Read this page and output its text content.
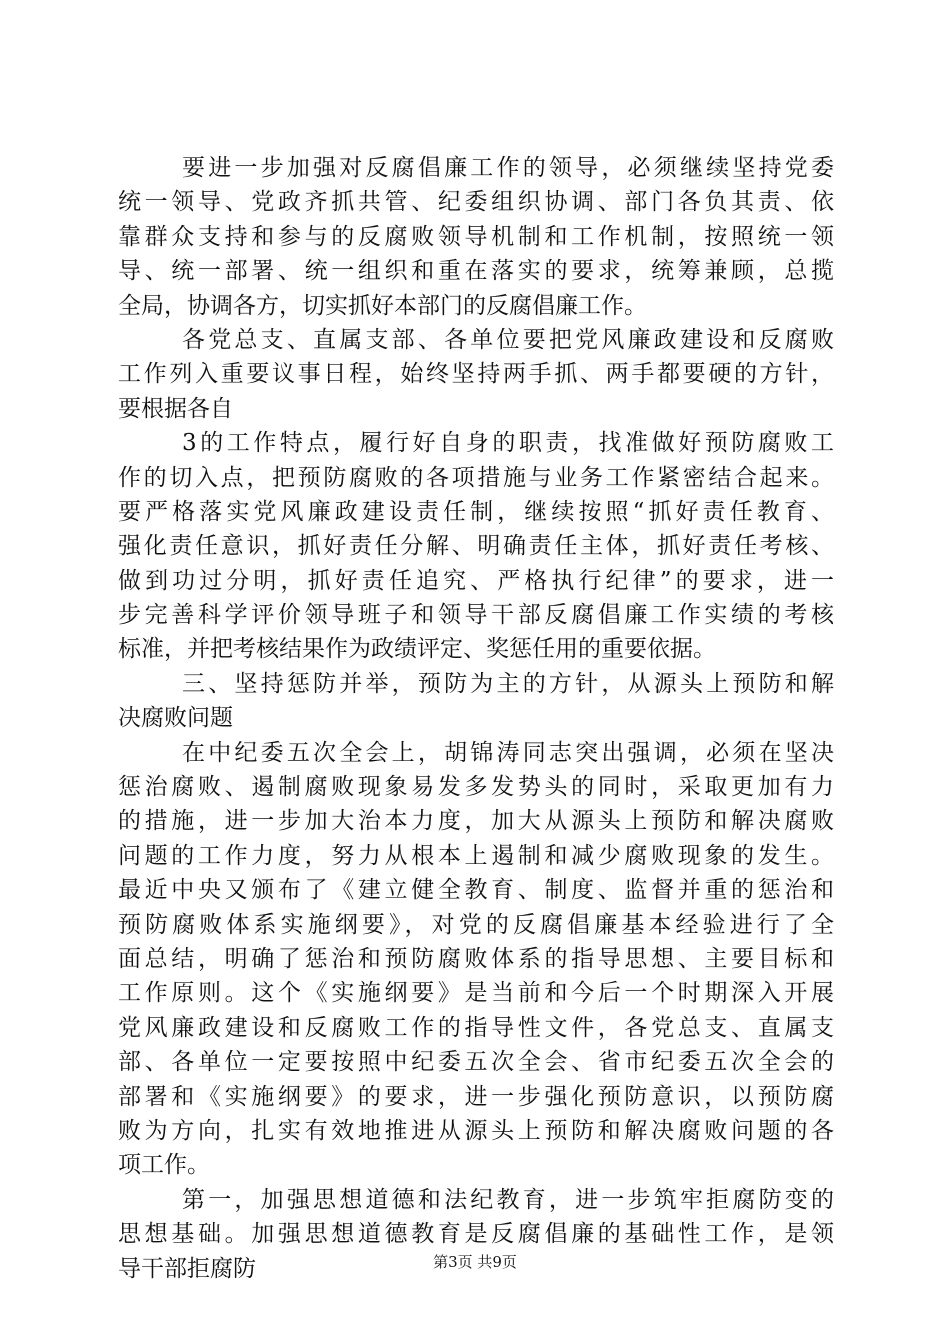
要进一步加强对反腐倡廉工作的领导，必须继续坚持党委
统一领导、党政齐抓共管、纪委组织协调、部门各负其责、依
靠群众支持和参与的反腐败领导机制和工作机制，按照统一领
导、统一部署、统一组织和重在落实的要求，统筹兼顾，总揽
全局，协调各方，切实抓好本部门的反腐倡廉工作。
各党总支、直属支部、各单位要把党风廉政建设和反腐败
工作列入重要议事日程，始终坚持两手抓、两手都要硬的方针，
要根据各自
3的工作特点，履行好自身的职责，找准做好预防腐败工
作的切入点，把预防腐败的各项措施与业务工作紧密结合起来。
要严格落实党风廉政建设责任制，继续按照“抓好责任教育、
强化责任意识，抓好责任分解、明确责任主体，抓好责任考核、
做到功过分明，抓好责任追究、严格执行纪律”的要求，进一
步完善科学评价领导班子和领导干部反腐倡廉工作实绩的考核
标准，并把考核结果作为政绩评定、奖惩任用的重要依据。
三、坚持惩防并举，预防为主的方针，从源头上预防和解
决腐败问题
在中纪委五次全会上，胡锦涛同志突出强调，必须在坚决
惩治腐败、遏制腐败现象易发多发势头的同时，采取更加有力
的措施，进一步加大治本力度，加大从源头上预防和解决腐败
问题的工作力度，努力从根本上遏制和减少腐败现象的发生。
最近中央又颁布了《建立健全教育、制度、监督并重的惩治和
预防腐败体系实施纲要》，对党的反腐倡廉基本经验进行了全
面总结，明确了惩治和预防腐败体系的指导思想、主要目标和
工作原则。这个《实施纲要》是当前和今后一个时期深入开展
党风廉政建设和反腐败工作的指导性文件，各党总支、直属支
部、各单位一定要按照中纪委五次全会、省市纪委五次全会的
部署和《实施纲要》的要求，进一步强化预防意识，以预防腐
败为方向，扎实有效地推进从源头上预防和解决腐败问题的各
项工作。
第一，加强思想道德和法纪教育，进一步筑牢拒腐防变的
思想基础。加强思想道德教育是反腐倡廉的基础性工作，是领
导干部拒腐防	第3页 共9页
